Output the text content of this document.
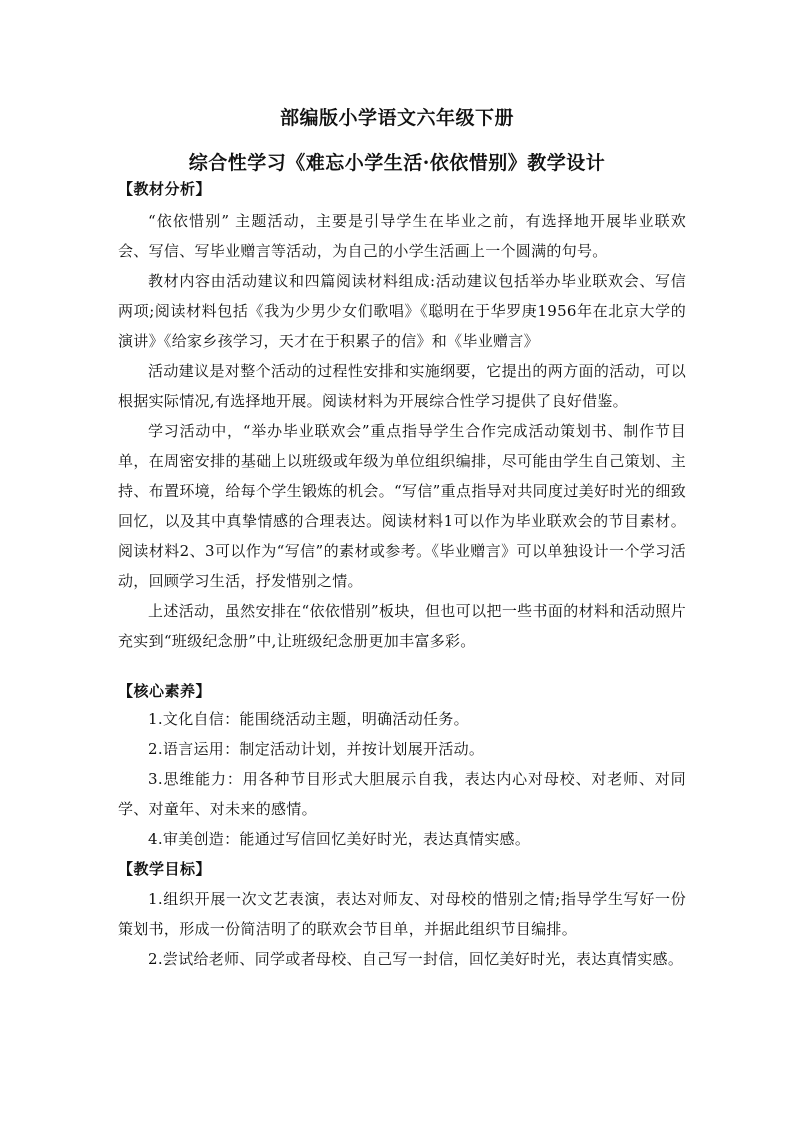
部编版小学语文六年级下册
综合性学习《难忘小学生活·依依惜别》教学设计
【教材分析】

“依依惜别” 主题活动，主要是引导学生在毕业之前，有选择地开展毕业联欢会、写信、写毕业赠言等活动，为自己的小学生活画上一个圆满的句号。

教材内容由活动建议和四篇阅读材料组成:活动建议包括举办毕业联欢会、写信两项;阅读材料包括《我为少男少女们歌唱》《聪明在于华罗庚1956年在北京大学的演讲》《给家乡孩学习，天才在于积累子的信》和《毕业赠言》

活动建议是对整个活动的过程性安排和实施纲要，它提出的两方面的活动，可以根据实际情况,有选择地开展。阅读材料为开展综合性学习提供了良好借鉴。

学习活动中，“举办毕业联欢会”重点指导学生合作完成活动策划书、制作节目单，在周密安排的基础上以班级或年级为单位组织编排，尽可能由学生自己策划、主持、布置环境，给每个学生锻炼的机会。“写信”重点指导对共同度过美好时光的细致回忆，以及其中真挚情感的合理表达。阅读材料1可以作为毕业联欢会的节目素材。阅读材料2、3可以作为“写信”的素材或参考。《毕业赠言》可以单独设计一个学习活动，回顾学习生活，抒发惜别之情。

上述活动，虽然安排在“依依惜别”板块，但也可以把一些书面的材料和活动照片充实到“班级纪念册”中,让班级纪念册更加丰富多彩。

【核心素养】

1.文化自信：能围绕活动主题，明确活动任务。

2.语言运用：制定活动计划，并按计划展开活动。

3.思维能力：用各种节目形式大胆展示自我，表达内心对母校、对老师、对同学、对童年、对未来的感情。

4.审美创造：能通过写信回忆美好时光，表达真情实感。

【教学目标】

1.组织开展一次文艺表演，表达对师友、对母校的惜别之情;指导学生写好一份策划书，形成一份简洁明了的联欢会节目单，并据此组织节目编排。

2.尝试给老师、同学或者母校、自己写一封信，回忆美好时光，表达真情实感。
